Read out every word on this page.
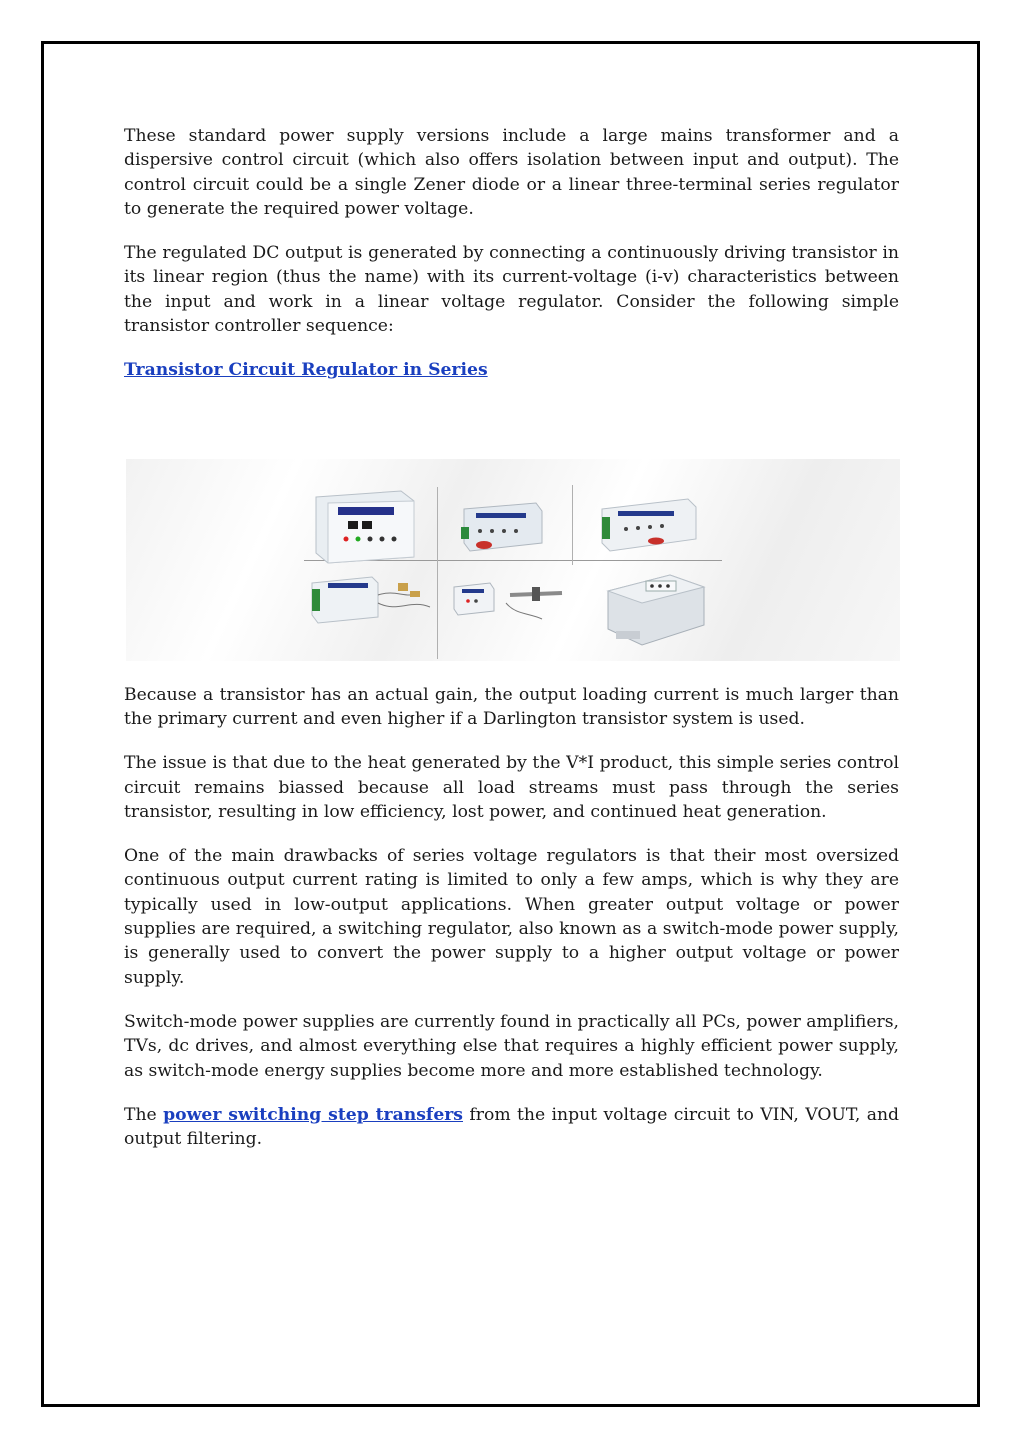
These standard power supply versions include a large mains transformer and a dispersive control circuit (which also offers isolation between input and output). The control circuit could be a single Zener diode or a linear three-terminal series regulator to generate the required power voltage.

The regulated DC output is generated by connecting a continuously driving transistor in its linear region (thus the name) with its current-voltage (i-v) characteristics between the input and work in a linear voltage regulator. Consider the following simple transistor controller sequence:

Transistor Circuit Regulator in Series

Because a transistor has an actual gain, the output loading current is much larger than the primary current and even higher if a Darlington transistor system is used.

The issue is that due to the heat generated by the V*I product, this simple series control circuit remains biassed because all load streams must pass through the series transistor, resulting in low efficiency, lost power, and continued heat generation.

One of the main drawbacks of series voltage regulators is that their most oversized continuous output current rating is limited to only a few amps, which is why they are typically used in low-output applications. When greater output voltage or power supplies are required, a switching regulator, also known as a switch-mode power supply, is generally used to convert the power supply to a higher output voltage or power supply.

Switch-mode power supplies are currently found in practically all PCs, power amplifiers, TVs, dc drives, and almost everything else that requires a highly efficient power supply, as switch-mode energy supplies become more and more established technology.

The power switching step transfers from the input voltage circuit to VIN, VOUT, and output filtering.
